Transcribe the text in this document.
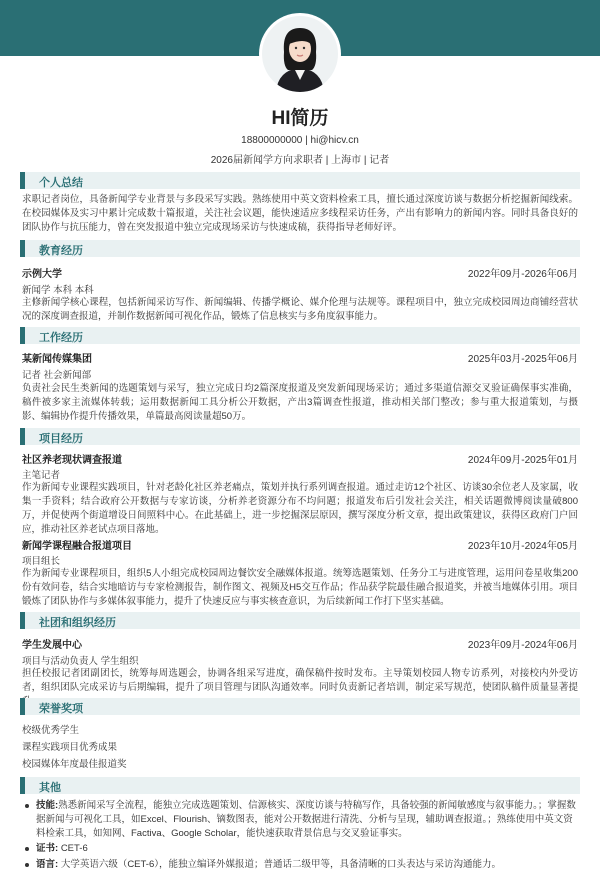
HI简历
18800000000 | hi@hicv.cn
2026届新闻学方向求职者 | 上海市 | 记者
个人总结
求职记者岗位，具备新闻学专业背景与多段采写实践。熟练使用中英文资料检索工具，擅长通过深度访谈与数据分析挖掘新闻线索。在校园媒体及实习中累计完成数十篇报道，关注社会议题，能快速适应多线程采访任务，产出有影响力的新闻内容。同时具备良好的团队协作与抗压能力，曾在突发报道中独立完成现场采访与快速成稿，获得指导老师好评。
教育经历
示例大学	2022年09月-2026年06月
新闻学 本科 本科
主修新闻学核心课程，包括新闻采访写作、新闻编辑、传播学概论、媒介伦理与法规等。课程项目中，独立完成校园周边商铺经营状况的深度调查报道，并制作数据新闻可视化作品，锻炼了信息核实与多角度叙事能力。
工作经历
某新闻传媒集团	2025年03月-2025年06月
记者 社会新闻部
负责社会民生类新闻的选题策划与采写，独立完成日均2篇深度报道及突发新闻现场采访；通过多渠道信源交叉验证确保事实准确，稿件被多家主流媒体转载；运用数据新闻工具分析公开数据，产出3篇调查性报道，推动相关部门整改；参与重大报道策划，与摄影、编辑协作提升传播效果，单篇最高阅读量超50万。
项目经历
社区养老现状调查报道	2024年09月-2025年01月
主笔记者
作为新闻专业课程实践项目，针对老龄化社区养老痛点，策划并执行系列调查报道。通过走访12个社区、访谈30余位老人及家属，收集一手资料；结合政府公开数据与专家访谈，分析养老资源分布不均问题；报道发布后引发社会关注，相关话题微博阅读量破800万，并促使两个街道增设日间照料中心。在此基础上，进一步挖掘深层原因，撰写深度分析文章，提出政策建议，获得区政府门户回应，推动社区养老试点项目落地。
新闻学课程融合报道项目	2023年10月-2024年05月
项目组长
作为新闻专业课程项目，组织5人小组完成校园周边餐饮安全融媒体报道。统筹选题策划、任务分工与进度管理，运用问卷星收集200份有效问卷，结合实地暗访与专家检测报告，制作图文、视频及H5交互作品；作品获学院最佳融合报道奖，并被当地媒体引用。项目锻炼了团队协作与多媒体叙事能力，提升了快速反应与事实核查意识，为后续新闻工作打下坚实基础。
社团和组织经历
学生发展中心	2023年09月-2024年06月
项目与活动负责人 学生组织
担任校报记者团副团长，统筹每周选题会，协调各组采写进度，确保稿件按时发布。主导策划校园人物专访系列，对接校内外受访者，组织团队完成采访与后期编辑，提升了项目管理与团队沟通效率。同时负责新记者培训，制定采写规范，使团队稿件质量显著提
荣誉奖项
校级优秀学生
课程实践项目优秀成果
校园媒体年度最佳报道奖
其他
技能:熟悉新闻采写全流程，能独立完成选题策划、信源核实、深度访谈与特稿写作，具备较强的新闻敏感度与叙事能力。；掌握数据新闻与可视化工具，如Excel、Flourish、镝数图表，能对公开数据进行清洗、分析与呈现，辅助调查报道。；熟练使用中英文资料检索工具，如知网、Factiva、Google Scholar，能快速获取背景信息与交叉验证事实。
证书: CET-6
语言: 大学英语六级（CET-6），能独立编译外媒报道；普通话二级甲等，具备清晰的口头表达与采访沟通能力。
